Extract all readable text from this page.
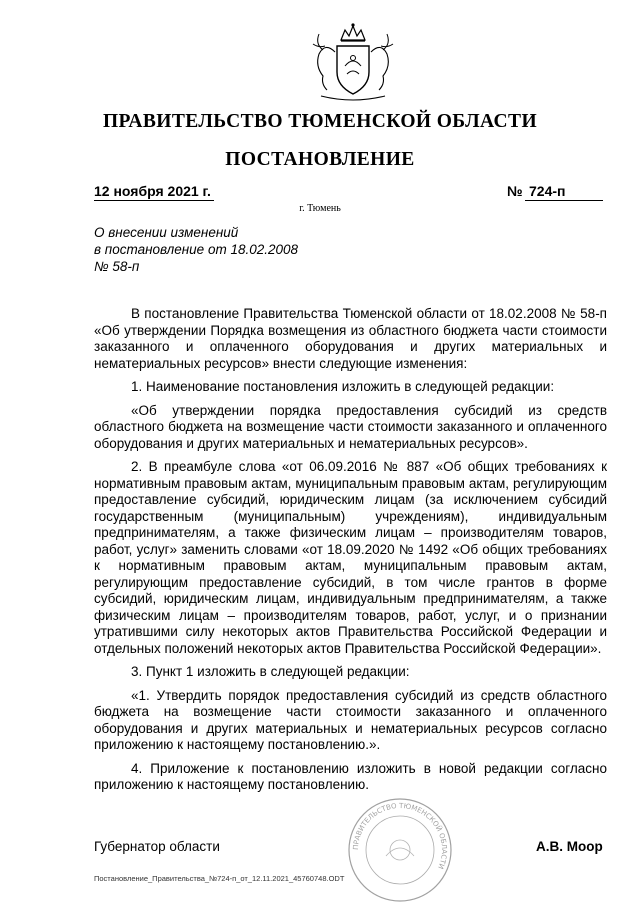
ПРАВИТЕЛЬСТВО ТЮМЕНСКОЙ ОБЛАСТИ
ПОСТАНОВЛЕНИЕ
12 ноября 2021 г.	№ 724-п
г. Тюмень
О внесении изменений
в постановление от 18.02.2008
№ 58-п

В постановление Правительства Тюменской области от 18.02.2008 № 58-п «Об утверждении Порядка возмещения из областного бюджета части стоимости заказанного и оплаченного оборудования и других материальных и нематериальных ресурсов» внести следующие изменения:

1. Наименование постановления изложить в следующей редакции:

«Об утверждении порядка предоставления субсидий из средств областного бюджета на возмещение части стоимости заказанного и оплаченного оборудования и других материальных и нематериальных ресурсов».

2. В преамбуле слова «от 06.09.2016 № 887 «Об общих требованиях к нормативным правовым актам, муниципальным правовым актам, регулирующим предоставление субсидий, юридическим лицам (за исключением субсидий государственным (муниципальным) учреждениям), индивидуальным предпринимателям, а также физическим лицам – производителям товаров, работ, услуг» заменить словами «от 18.09.2020 № 1492 «Об общих требованиях к нормативным правовым актам, муниципальным правовым актам, регулирующим предоставление субсидий, в том числе грантов в форме субсидий, юридическим лицам, индивидуальным предпринимателям, а также физическим лицам – производителям товаров, работ, услуг, и о признании утратившими силу некоторых актов Правительства Российской Федерации и отдельных положений некоторых актов Правительства Российской Федерации».

3. Пункт 1 изложить в следующей редакции:

«1. Утвердить порядок предоставления субсидий из средств областного бюджета на возмещение части стоимости заказанного и оплаченного оборудования и других материальных и нематериальных ресурсов согласно приложению к настоящему постановлению.».

4. Приложение к постановлению изложить в новой редакции согласно приложению к настоящему постановлению.

ПРАВИТЕЛЬСТВО ТЮМЕНСКОЙ ОБЛАСТИ
Губернатор области	А.В. Моор
Постановление_Правительства_№724-п_от_12.11.2021_45760748.ODT
